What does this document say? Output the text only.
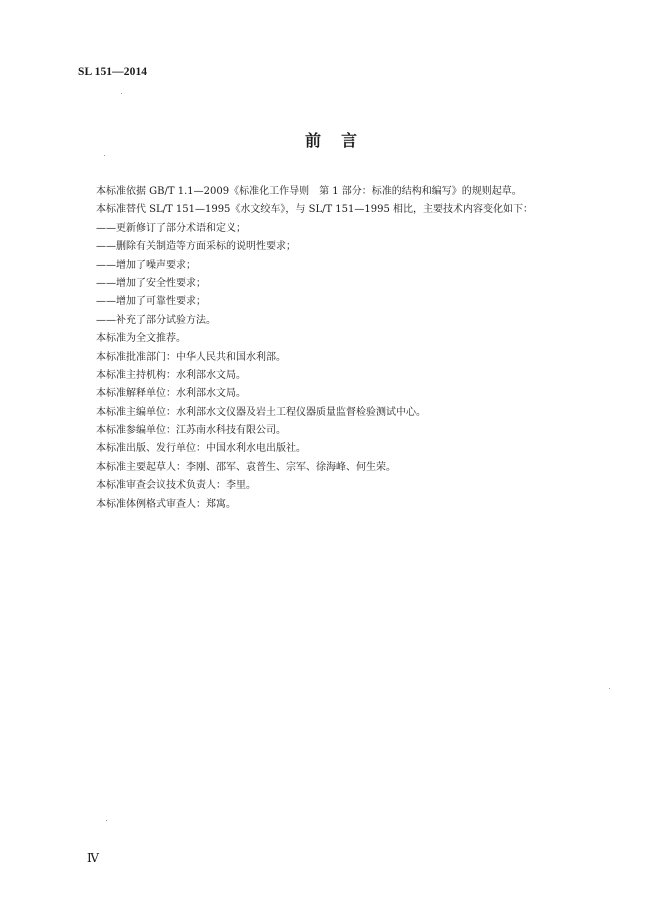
SL 151—2014
前言
本标准依据 GB/T 1.1—2009《标准化工作导则　第 1 部分：标准的结构和编写》的规则起草。
本标准替代 SL/T 151—1995《水文绞车》，与 SL/T 151—1995 相比，主要技术内容变化如下：
——更新修订了部分术语和定义；
——删除有关制造等方面采标的说明性要求；
——增加了噪声要求；
——增加了安全性要求；
——增加了可靠性要求；
——补充了部分试验方法。
本标准为全文推荐。
本标准批准部门：中华人民共和国水利部。
本标准主持机构：水利部水文局。
本标准解释单位：水利部水文局。
本标准主编单位：水利部水文仪器及岩土工程仪器质量监督检验测试中心。
本标准参编单位：江苏南水科技有限公司。
本标准出版、发行单位：中国水利水电出版社。
本标准主要起草人：李刚、邵军、袁普生、宗军、徐海峰、何生荣。
本标准审查会议技术负责人：李里。
本标准体例格式审查人：郑寓。
Ⅳ
